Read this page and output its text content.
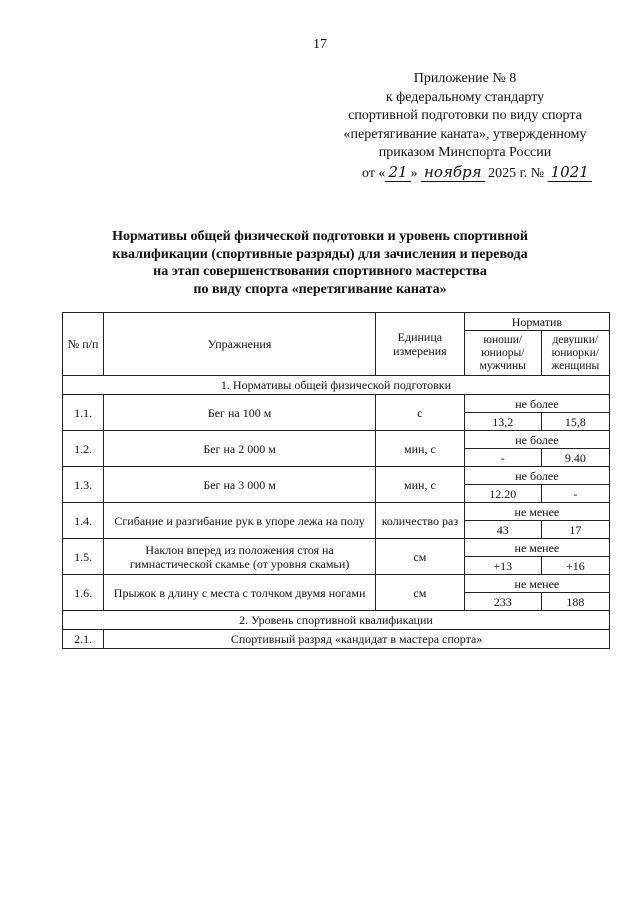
17
Приложение № 8
к федеральному стандарту
спортивной подготовки по виду спорта
«перетягивание каната», утвержденному
приказом Минспорта России
от « 21 » ноября 2025 г. № 1021
Нормативы общей физической подготовки и уровень спортивной
квалификации (спортивные разряды) для зачисления и перевода
на этап совершенствования спортивного мастерства
по виду спорта «перетягивание каната»
№ п/п	Упражнения	Единица измерения	Норматив	
			юноши/ юниоры/ мужчины	девушки/ юниорки/ женщины
1. Нормативы общей физической подготовки				
1.1.	Бег на 100 м	с	не более	
			13,2	15,8
1.2.	Бег на 2 000 м	мин, с	не более	
			-	9.40
1.3.	Бег на 3 000 м	мин, с	не более	
			12.20	-
1.4.	Сгибание и разгибание рук в упоре лежа на полу	количество раз	не менее	
			43	17
1.5.	Наклон вперед из положения стоя на гимнастической скамье (от уровня скамьи)	см	не менее	
			+13	+16
1.6.	Прыжок в длину с места с толчком двумя ногами	см	не менее	
			233	188
2. Уровень спортивной квалификации				
2.1.	Спортивный разряд «кандидат в мастера спорта»			
